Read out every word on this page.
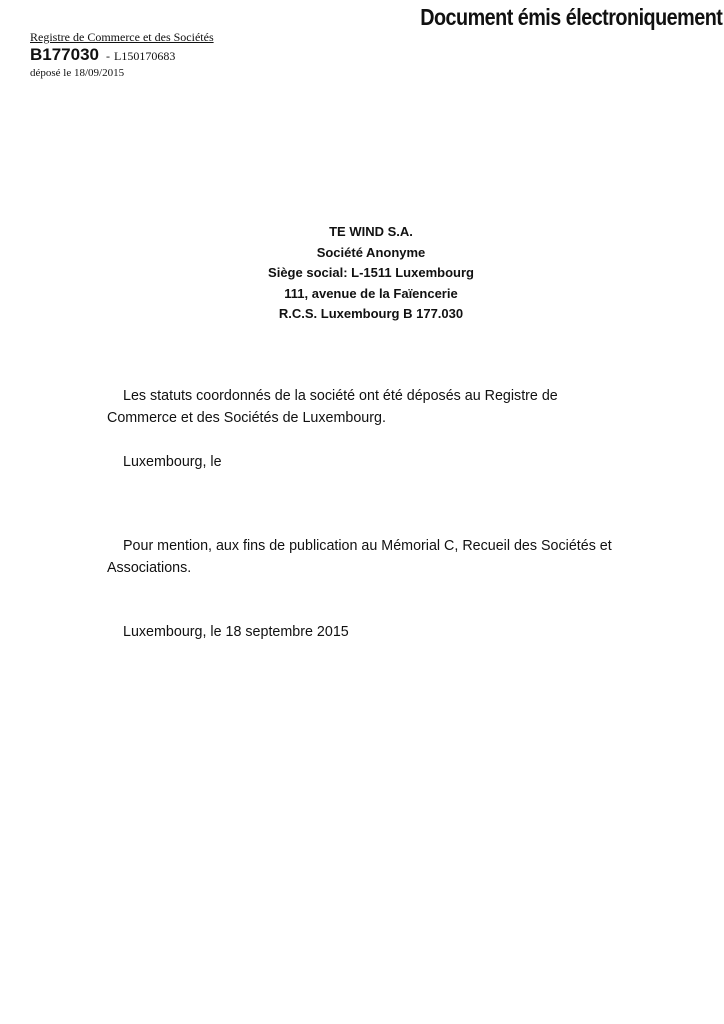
Document émis électroniquement
Registre de Commerce et des Sociétés
B177030 - L150170683
déposé le 18/09/2015
TE WIND S.A.
Société Anonyme
Siège social: L-1511 Luxembourg
111, avenue de la Faïencerie
R.C.S. Luxembourg B 177.030

Les statuts coordonnés de la société ont été déposés au Registre de

Commerce et des Sociétés de Luxembourg.

Luxembourg, le

Pour mention, aux fins de publication au Mémorial C, Recueil des Sociétés et

Associations.

Luxembourg, le 18 septembre 2015
